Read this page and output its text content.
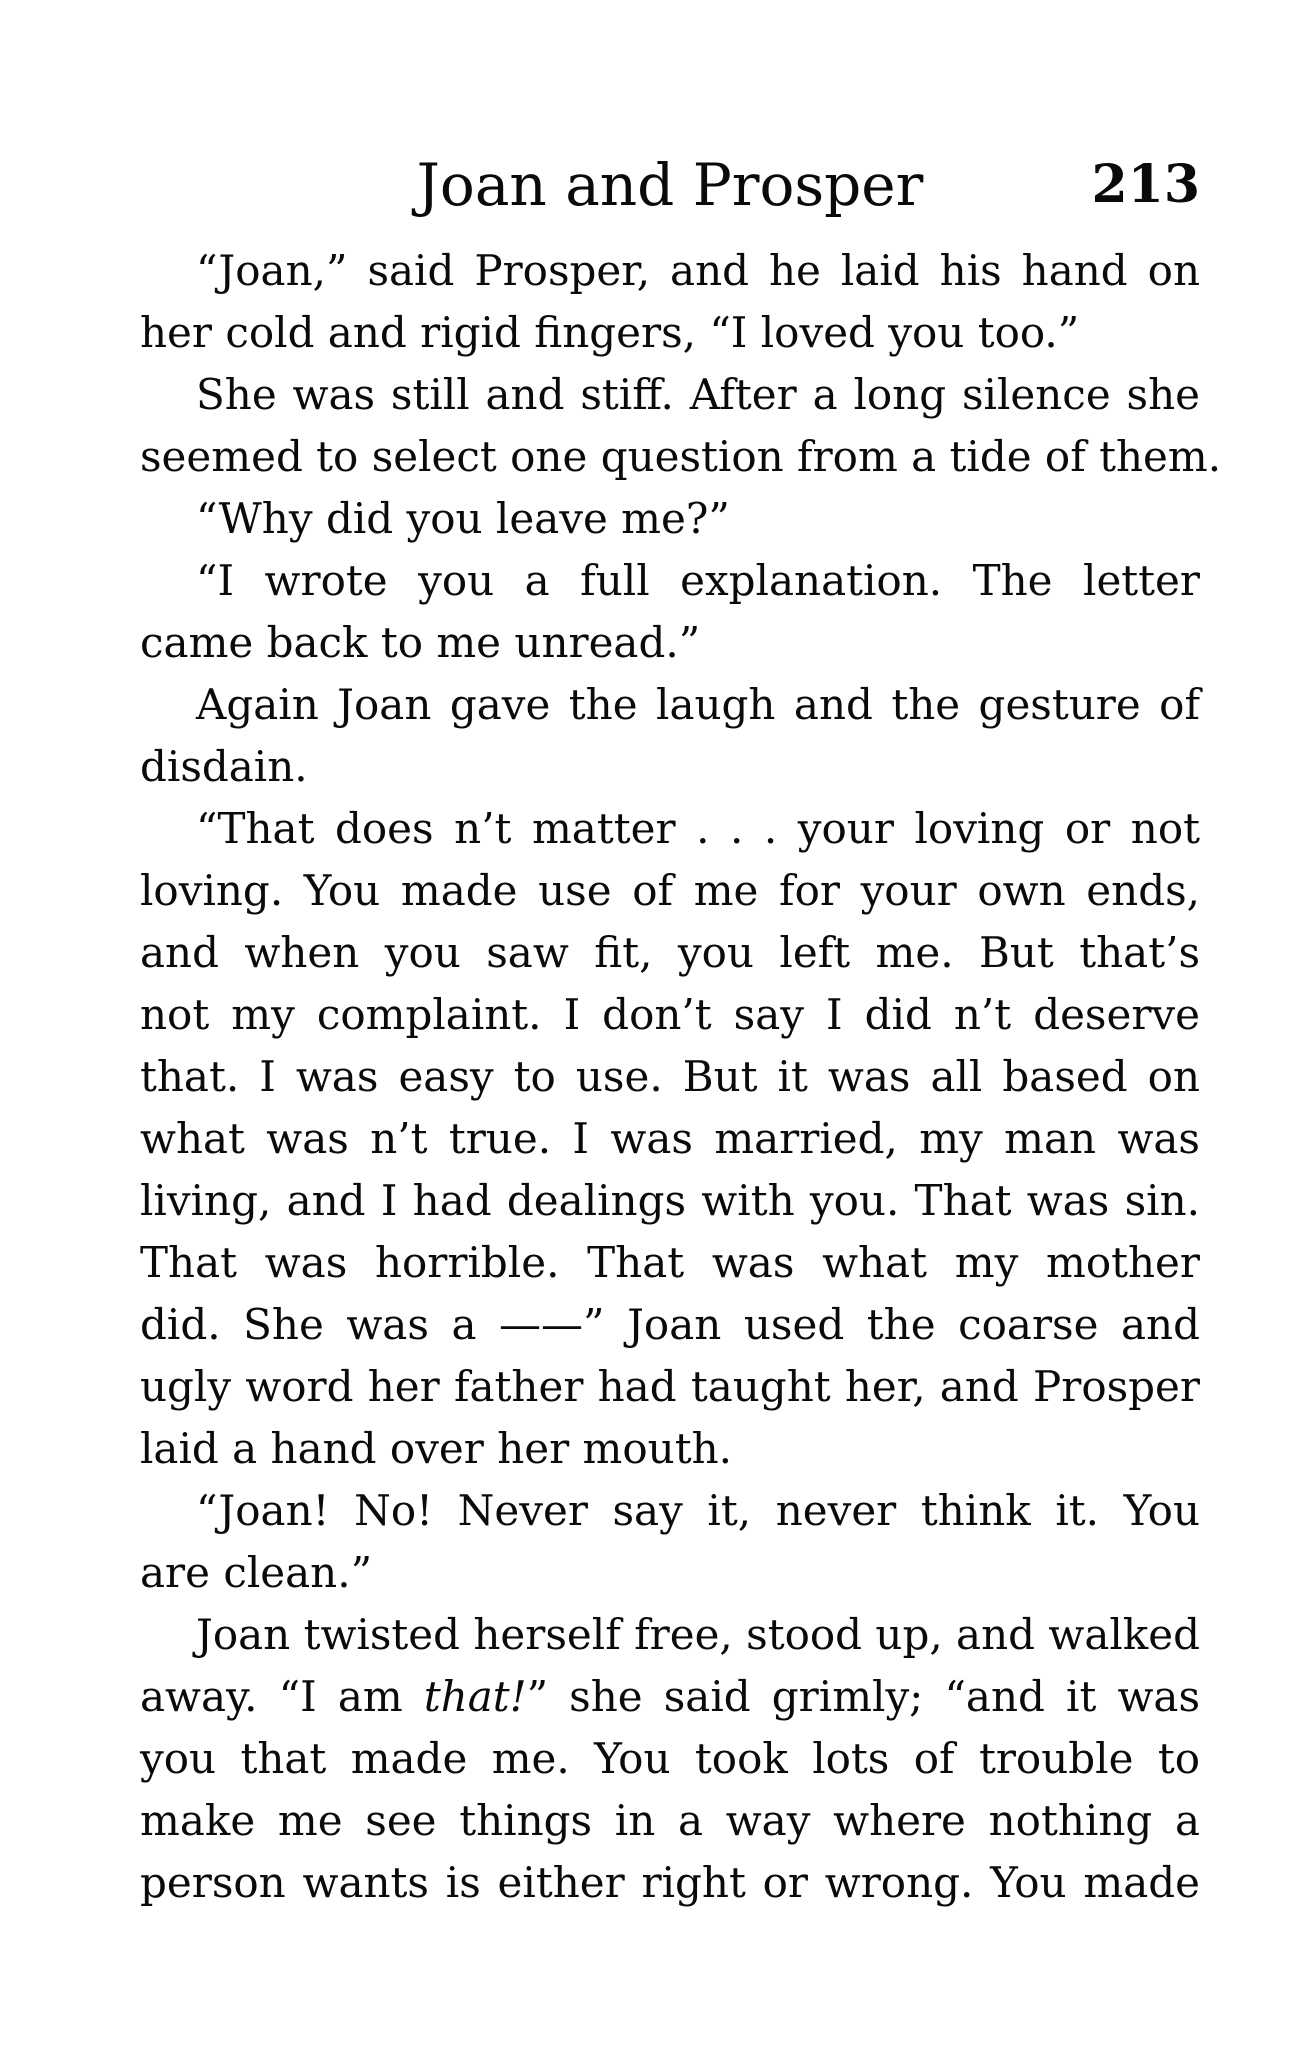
Joan and Prosper	213
“Joan,” said Prosper, and he laid his hand on
her cold and rigid fingers, “I loved you too.”
She was still and stiff. After a long silence she
seemed to select one question from a tide of them.
“Why did you leave me?”
“I wrote you a full explanation. The letter
came back to me unread.”
Again Joan gave the laugh and the gesture of
disdain.
“That does n’t matter . . . your loving or not
loving. You made use of me for your own ends,
and when you saw fit, you left me. But that’s
not my complaint. I don’t say I did n’t deserve
that. I was easy to use. But it was all based on
what was n’t true. I was married, my man was
living, and I had dealings with you. That was sin.
That was horrible. That was what my mother
did. She was a ——” Joan used the coarse and
ugly word her father had taught her, and Prosper
laid a hand over her mouth.
“Joan! No! Never say it, never think it. You
are clean.”
Joan twisted herself free, stood up, and walked
away. “I am that!” she said grimly; “and it was
you that made me. You took lots of trouble to
make me see things in a way where nothing a
person wants is either right or wrong. You made
